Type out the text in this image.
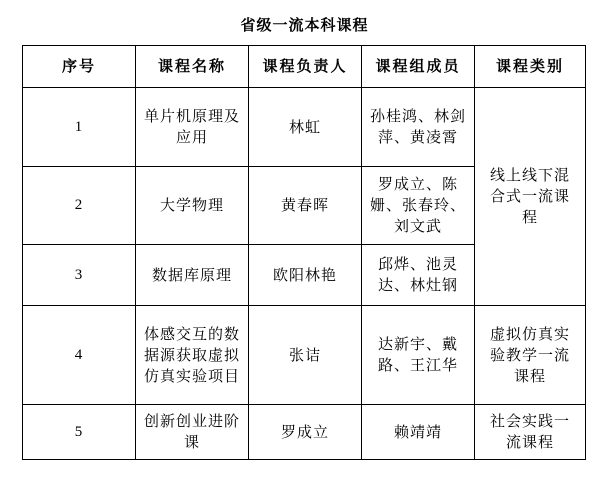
省级一流本科课程
序号	课程名称	课程负责人	课程组成员	课程类别
1	单片机原理及应用	林虹	孙桂鸿、林剑萍、黄凌霄	线上线下混合式一流课程
2	大学物理	黄春晖	罗成立、陈姗、张春玲、刘文武	
3	数据库原理	欧阳林艳	邱烨、池灵达、林灶钢	
4	体感交互的数据源获取虚拟仿真实验项目	张诘	达新宇、戴路、王江华	虚拟仿真实验教学一流课程
5	创新创业进阶课	罗成立	赖靖靖	社会实践一流课程
